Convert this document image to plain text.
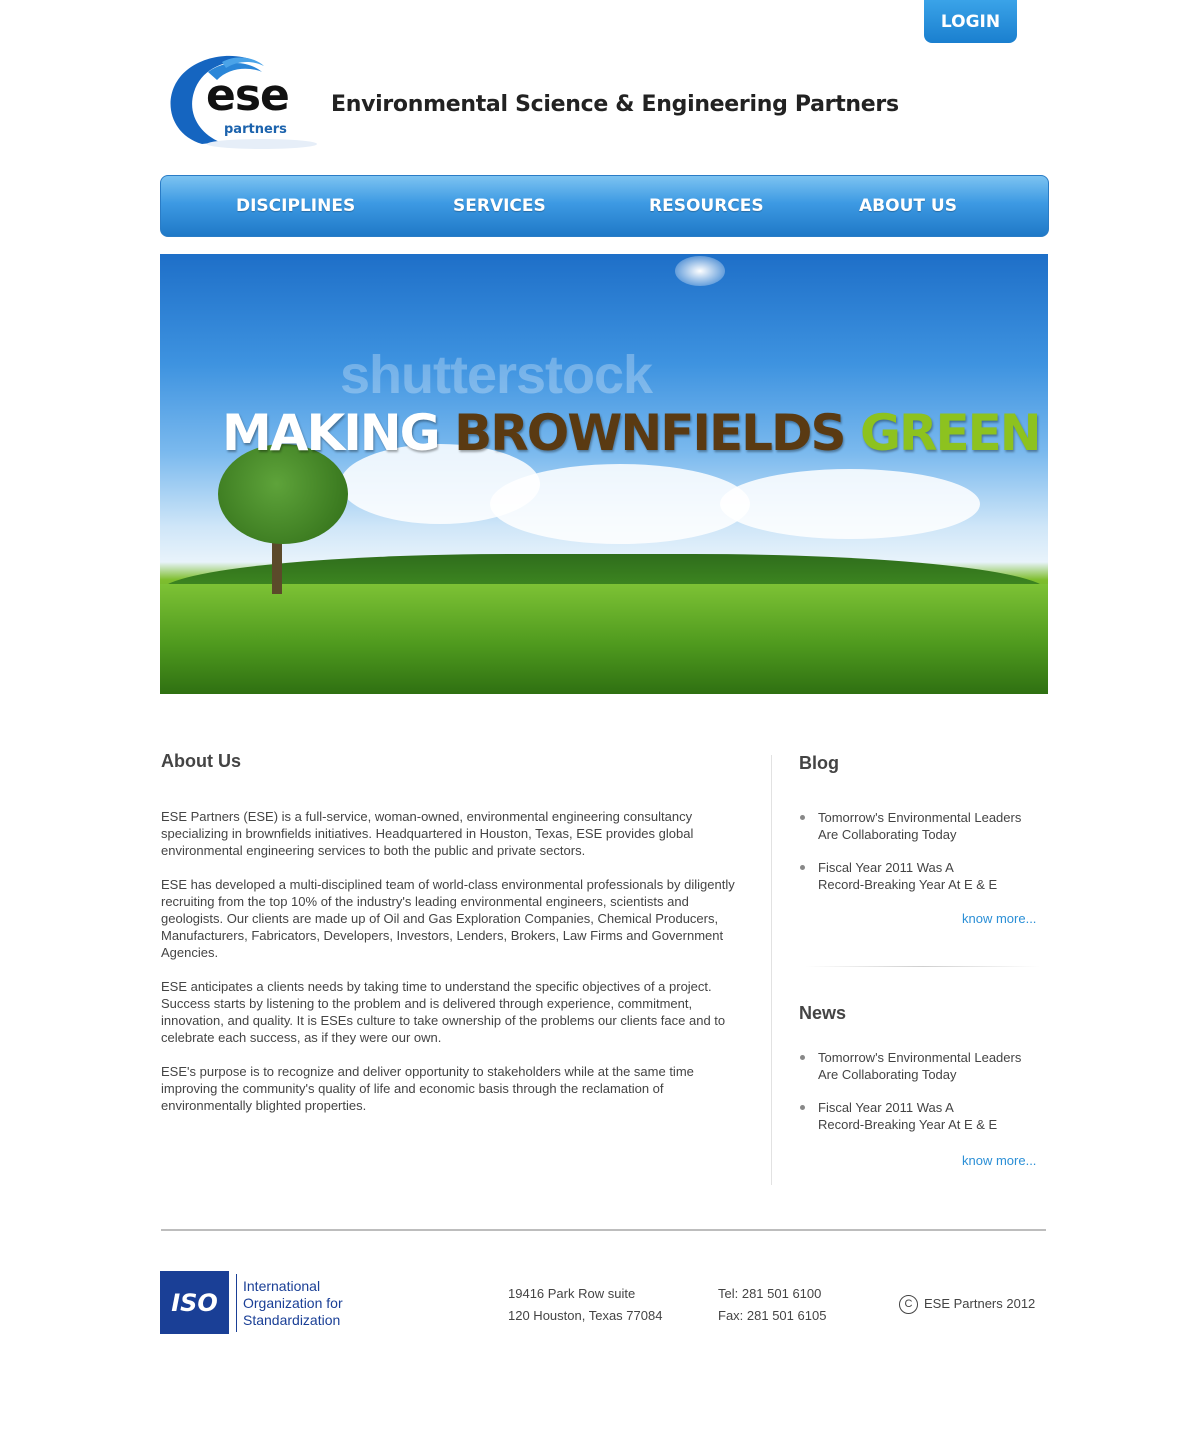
LOGIN
ese
partners
Environmental Science & Engineering Partners
DISCIPLINES	SERVICES	RESOURCES	ABOUT US
shutterstock
MAKING BROWNFIELDS GREEN
About Us

ESE Partners (ESE) is a full-service, woman-owned, environmental engineering consultancy specializing in brownfields initiatives. Headquartered in Houston, Texas, ESE provides global environmental engineering services to both the public and private sectors.

ESE has developed a multi-disciplined team of world-class environmental professionals by diligently recruiting from the top 10% of the industry's leading environmental engineers, scientists and geologists. Our clients are made up of Oil and Gas Exploration Companies, Chemical Producers, Manufacturers, Fabricators, Developers, Investors, Lenders, Brokers, Law Firms and Government Agencies.

ESE anticipates a clients needs by taking time to understand the specific objectives of a project. Success starts by listening to the problem and is delivered through experience, commitment, innovation, and quality. It is ESEs culture to take ownership of the problems our clients face and to celebrate each success, as if they were our own.

ESE's purpose is to recognize and deliver opportunity to stakeholders while at the same time improving the community's quality of life and economic basis through the reclamation of environmentally blighted properties.

Blog
Tomorrow's Environmental Leaders
Are Collaborating Today
Fiscal Year 2011 Was A
Record-Breaking Year At E & E
know more...
News
Tomorrow's Environmental Leaders
Are Collaborating Today
Fiscal Year 2011 Was A
Record-Breaking Year At E & E
know more...
ISO
International
Organization for
Standardization
19416 Park Row suite
120 Houston, Texas 77084
Tel: 281 501 6100
Fax: 281 501 6105
C ESE Partners 2012
